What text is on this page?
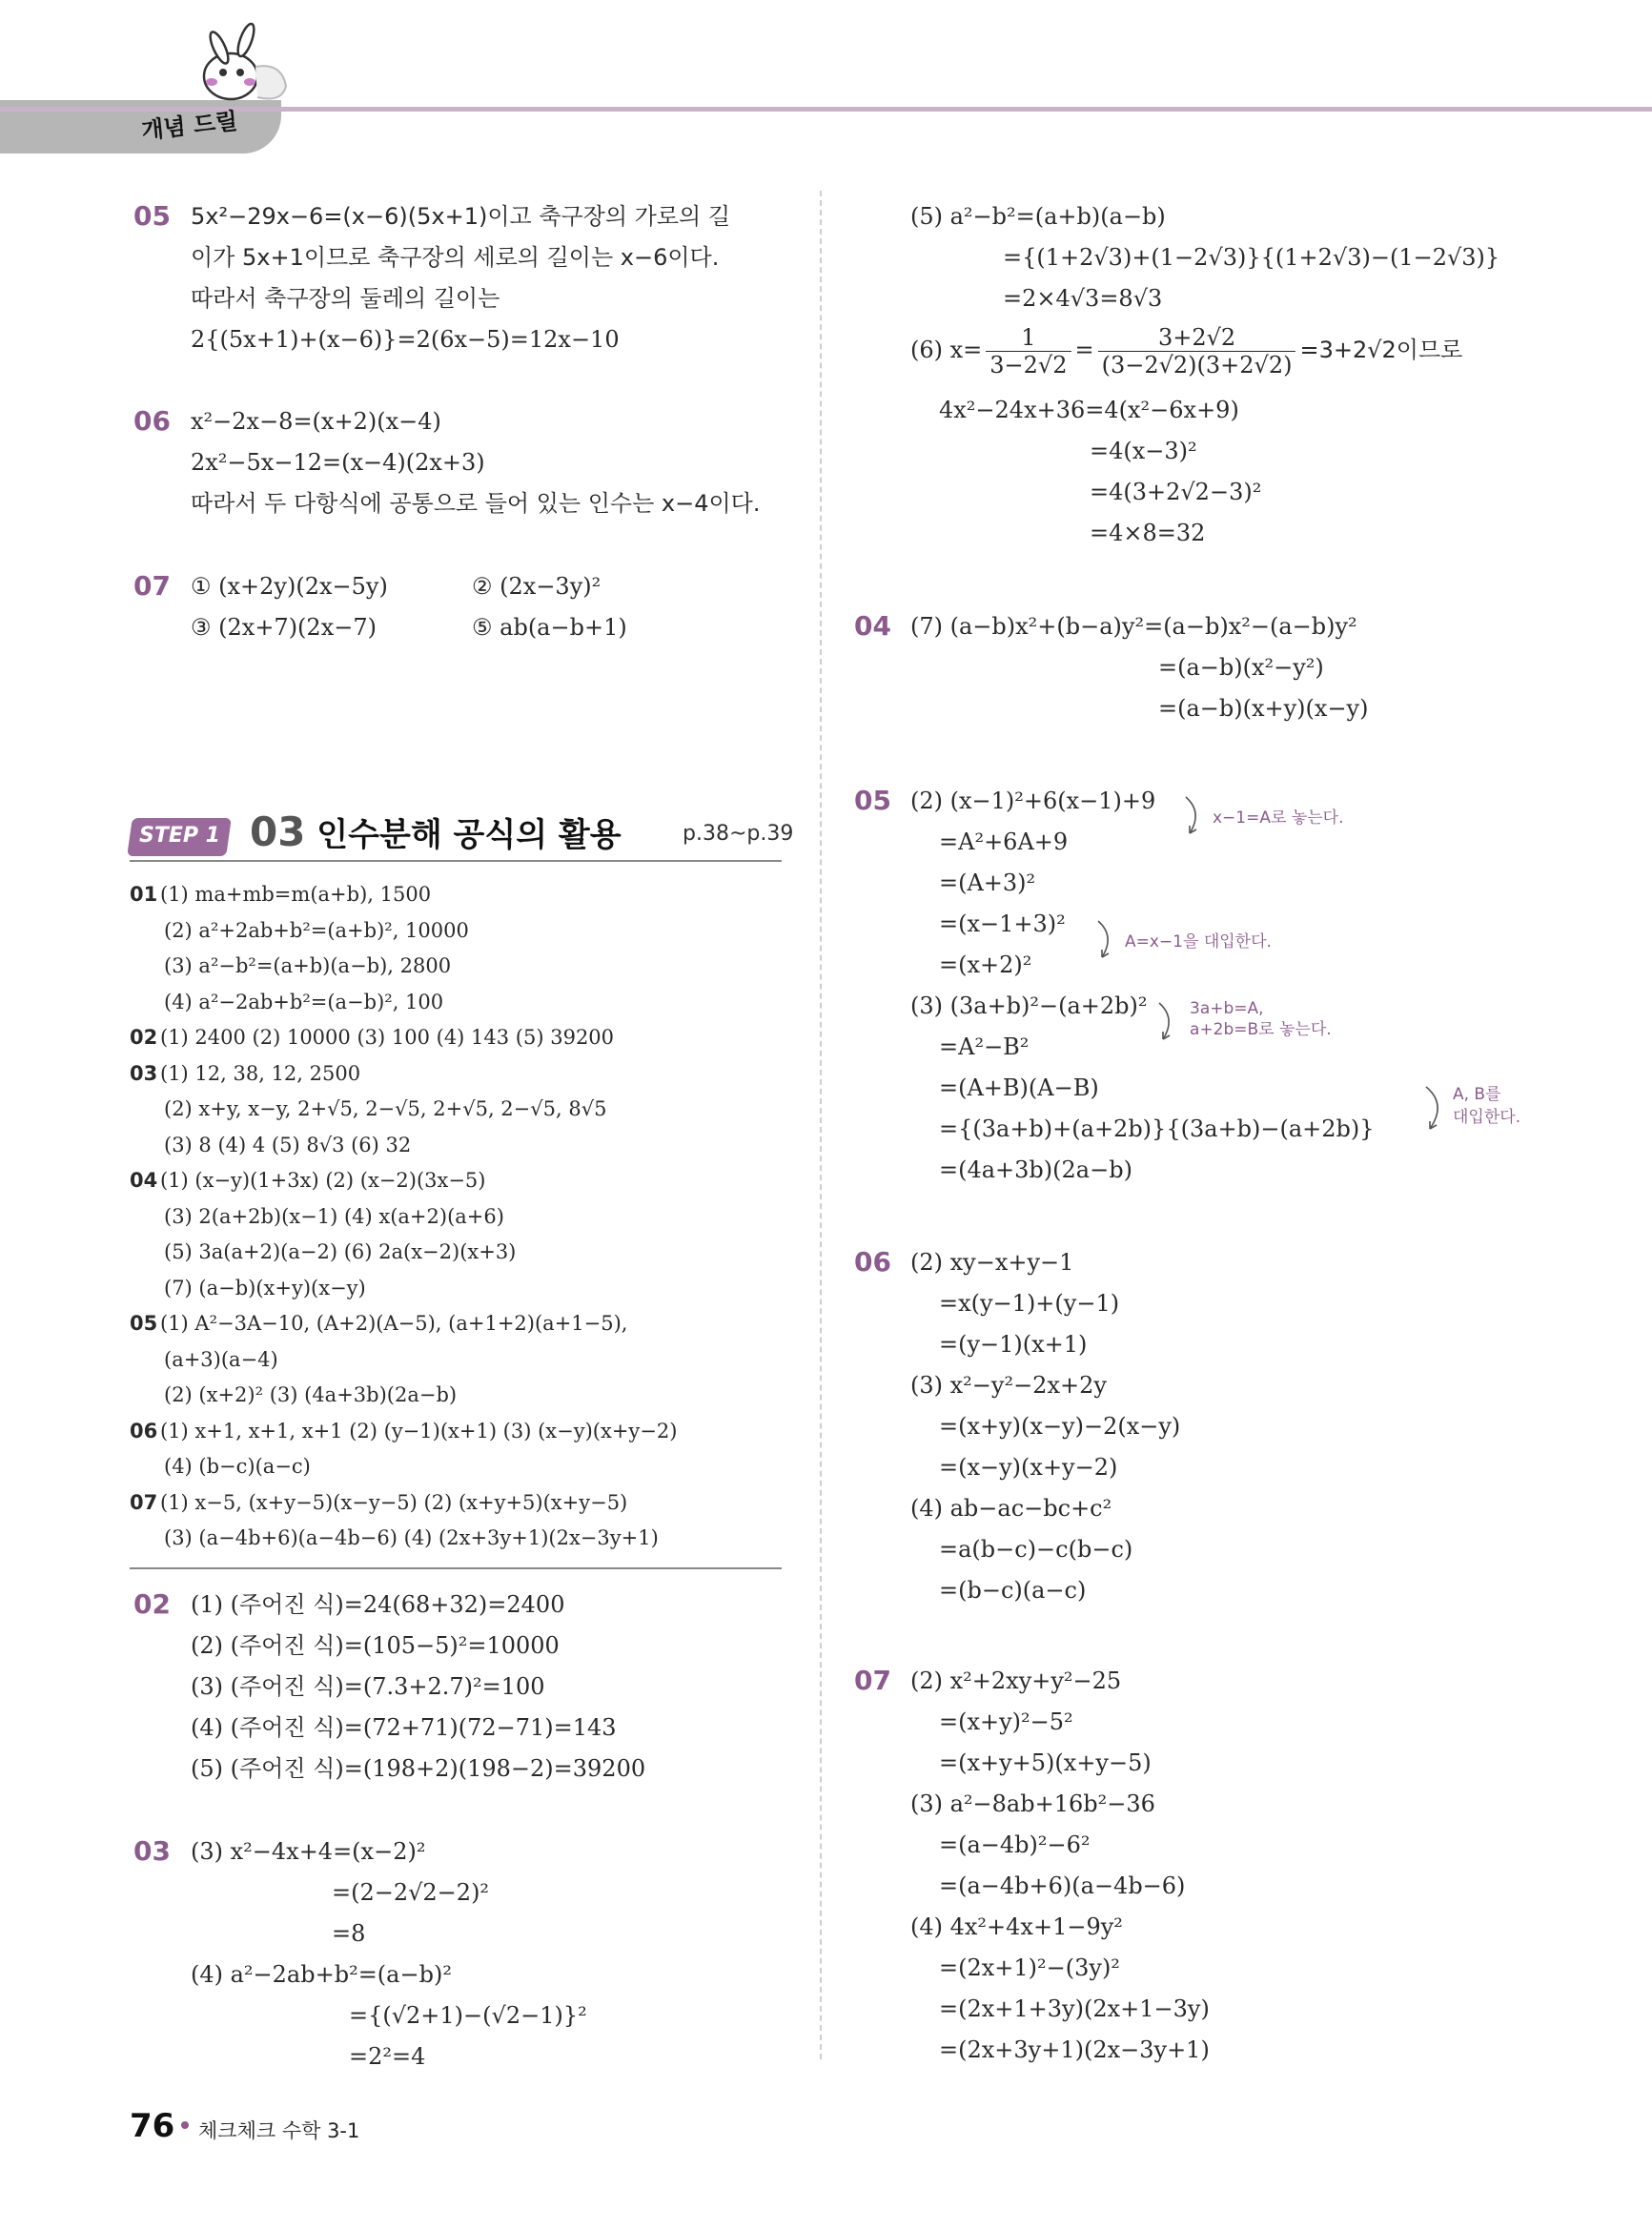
개념 드릴
05 5x²−29x−6=(x−6)(5x+1)이고 축구장의 가로의 길
이가 5x+1이므로 축구장의 세로의 길이는 x−6이다.
따라서 축구장의 둘레의 길이는
2{(5x+1)+(x−6)}=2(6x−5)=12x−10
06 x²−2x−8=(x+2)(x−4)
2x²−5x−12=(x−4)(2x+3)
따라서 두 다항식에 공통으로 들어 있는 인수는 x−4이다.
07 ① (x+2y)(2x−5y)	② (2x−3y)²
③ (2x+7)(2x−7)	⑤ ab(a−b+1)
STEP 1 03 인수분해 공식의 활용	p.38~p.39
01 (1) ma+mb=m(a+b), 1500
(2) a²+2ab+b²=(a+b)², 10000
(3) a²−b²=(a+b)(a−b), 2800
(4) a²−2ab+b²=(a−b)², 100
02 (1) 2400 (2) 10000 (3) 100 (4) 143 (5) 39200
03 (1) 12, 38, 12, 2500
(2) x+y, x−y, 2+√5, 2−√5, 2+√5, 2−√5, 8√5
(3) 8 (4) 4 (5) 8√3 (6) 32
04 (1) (x−y)(1+3x) (2) (x−2)(3x−5)
(3) 2(a+2b)(x−1) (4) x(a+2)(a+6)
(5) 3a(a+2)(a−2) (6) 2a(x−2)(x+3)
(7) (a−b)(x+y)(x−y)
05 (1) A²−3A−10, (A+2)(A−5), (a+1+2)(a+1−5),
(a+3)(a−4)
(2) (x+2)² (3) (4a+3b)(2a−b)
06 (1) x+1, x+1, x+1 (2) (y−1)(x+1) (3) (x−y)(x+y−2)
(4) (b−c)(a−c)
07 (1) x−5, (x+y−5)(x−y−5) (2) (x+y+5)(x+y−5)
(3) (a−4b+6)(a−4b−6) (4) (2x+3y+1)(2x−3y+1)
02 (1) (주어진 식)=24(68+32)=2400
(2) (주어진 식)=(105−5)²=10000
(3) (주어진 식)=(7.3+2.7)²=100
(4) (주어진 식)=(72+71)(72−71)=143
(5) (주어진 식)=(198+2)(198−2)=39200
03 (3) x²−4x+4=(x−2)²
=(2−2√2−2)²
=8
(4) a²−2ab+b²=(a−b)²
={(√2+1)−(√2−1)}²
=2²=4
(5) a²−b²=(a+b)(a−b)
={(1+2√3)+(1−2√3)}{(1+2√3)−(1−2√3)}
=2×4√3=8√3
(6) $x= \frac{1}{3-2√2} = \frac{3+2√2}{(3-2√2)(3+2√2)} =3+2√2$이므로
4x²−24x+36=4(x²−6x+9)
=4(x−3)²
=4(3+2√2−3)²
=4×8=32
04 (7) (a−b)x²+(b−a)y²=(a−b)x²−(a−b)y²
=(a−b)(x²−y²)
=(a−b)(x+y)(x−y)
05 (2) (x−1)²+6(x−1)+9
=A²+6A+9
=(A+3)²
=(x−1+3)²
=(x+2)²
(3) (3a+b)²−(a+2b)²
=A²−B²
=(A+B)(A−B)
={(3a+b)+(a+2b)}{(3a+b)−(a+2b)}
=(4a+3b)(2a−b)
x−1=A로 놓는다.
A=x−1을 대입한다.
3a+b=A,
a+2b=B로 놓는다.
A, B를
대입한다.
06 (2) xy−x+y−1
=x(y−1)+(y−1)
=(y−1)(x+1)
(3) x²−y²−2x+2y
=(x+y)(x−y)−2(x−y)
=(x−y)(x+y−2)
(4) ab−ac−bc+c²
=a(b−c)−c(b−c)
=(b−c)(a−c)
07 (2) x²+2xy+y²−25
=(x+y)²−5²
=(x+y+5)(x+y−5)
(3) a²−8ab+16b²−36
=(a−4b)²−6²
=(a−4b+6)(a−4b−6)
(4) 4x²+4x+1−9y²
=(2x+1)²−(3y)²
=(2x+1+3y)(2x+1−3y)
=(2x+3y+1)(2x−3y+1)
76 체크체크 수학 3-1
